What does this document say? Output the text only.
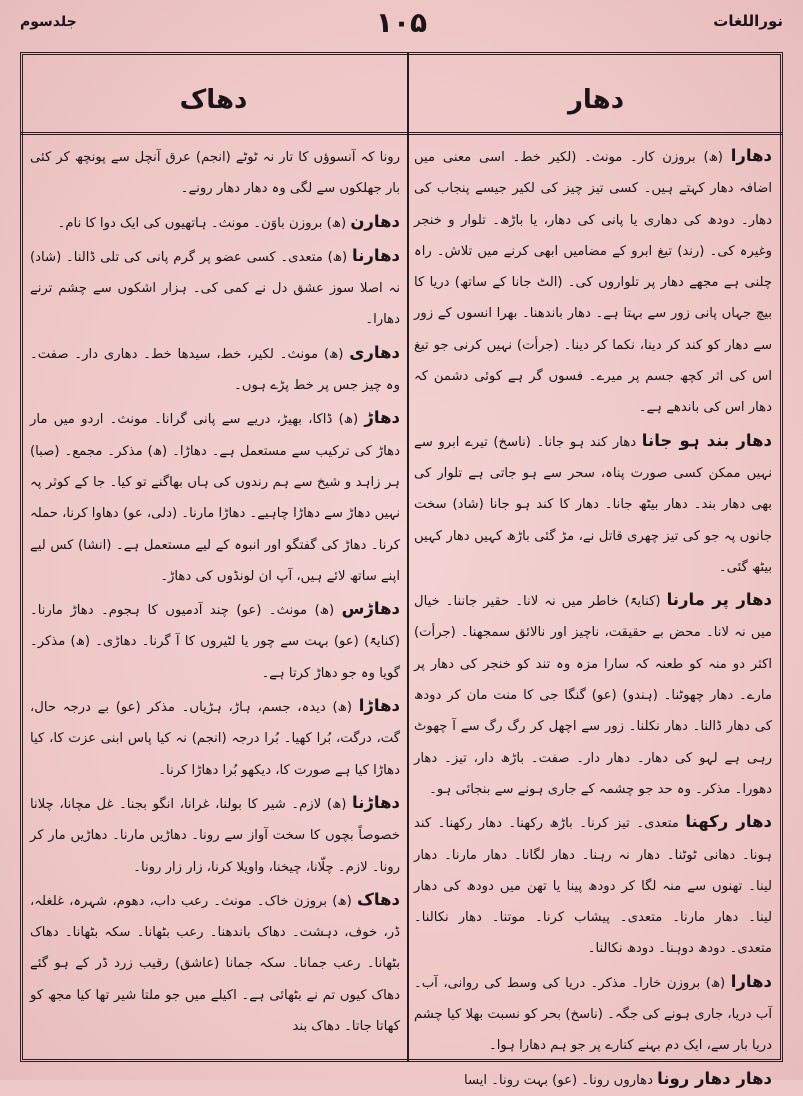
نوراللغات
۱۰۵
جلدسوم
دھار
دھاک

دھارا (ھ) بروزن کار۔ مونث۔ (لکیر خط۔ اسی معنی میں اضافہ دھار کہتے ہیں۔ کسی تیز چیز کی لکیر جیسے پنجاب کی دھار۔ دودھ کی دھاری یا پانی کی دھار، یا باڑھ۔ تلوار و خنجر وغیرہ کی۔ (رند) تیغ ابرو کے مضامیں ابھی کرنے میں تلاش۔ راہ چلنی ہے مجھے دھار پر تلواروں کی۔ (الٹ جانا کے ساتھ) دریا کا بیچ جہاں پانی زور سے بہتا ہے۔ دھار باندھنا۔ بھرا انسوں کے زور سے دھار کو کند کر دینا، نکما کر دینا۔ (جرأت) نہیں کرنی جو تیغ اس کی اثر کچھ جسم پر میرے۔ فسوں گر ہے کوئی دشمن کہ دھار اس کی باندھے ہے۔

دھار بند ہو جانا دھار کند ہو جانا۔ (ناسخ) تیرے ابرو سے نہیں ممکن کسی صورت پناہ، سحر سے ہو جاتی ہے تلوار کی بھی دھار بند۔ دھار بیٹھ جانا۔ دھار کا کند ہو جانا (شاد) سخت جانوں پہ جو کی تیز چھری قاتل نے، مڑ گئی باڑھ کہیں دھار کہیں بیٹھ گئی۔

دھار پر مارنا (کنایۃً) خاطر میں نہ لانا۔ حقیر جاننا۔ خیال میں نہ لانا۔ محض بے حقیقت، ناچیز اور نالائق سمجھنا۔ (جرأت) اکثر دو منہ کو طعنہ کہ سارا مزہ وہ تند کو خنجر کی دھار پر مارے۔ دھار چھوٹنا۔ (ہندو) (عو) گنگا جی کا منت مان کر دودھ کی دھار ڈالنا۔ دھار نکلنا۔ زور سے اچھل کر رگ رگ سے آ چھوٹ رہی ہے لہو کی دھار۔ دھار دار۔ صفت۔ باڑھ دار، تیز۔ دھار دھورا۔ مذکر۔ وہ حد جو چشمہ کے جاری ہونے سے بنجائی ہو۔

دھار رکھنا متعدی۔ تیز کرنا۔ باڑھ رکھنا۔ دھار رکھنا۔ کند ہونا۔ دھانی ٹوٹنا۔ دھار نہ رہنا۔ دھار لگانا۔ دھار مارنا۔ دھار لینا۔ تھنوں سے منہ لگا کر دودھ پینا یا تھن میں دودھ کی دھار لینا۔ دھار مارنا۔ متعدی۔ پیشاب کرنا۔ موتنا۔ دھار نکالنا۔ متعدی۔ دودھ دوہنا۔ دودھ نکالنا۔

دھارا (ھ) بروزن خارا۔ مذکر۔ دریا کی وسط کی روانی، آب۔ آب دریا، جاری ہونے کی جگہ۔ (ناسخ) بحر کو نسبت بھلا کیا چشم دریا بار سے، ایک دم بہنے کنارے پر جو ہم دھارا ہوا۔

دھار دھار رونا دھاروں رونا۔ (عو) بہت رونا۔ ایسا

رونا کہ آنسوؤں کا تار نہ ٹوٹے (انجم) عرق آنچل سے پونچھ کر کئی بار جھلکوں سے لگی وہ دھار دھار رونے۔

دھارن (ھ) بروزن باوَن۔ مونث۔ ہاتھیوں کی ایک دوا کا نام۔

دھارنا (ھ) متعدی۔ کسی عضو پر گرم پانی کی تلی ڈالنا۔ (شاد) نہ اصلا سوز عشق دل نے کمی کی۔ ہزار اشکوں سے چشم ترنے دھارا۔

دھاری (ھ) مونث۔ لکیر، خط، سیدھا خط۔ دھاری دار۔ صفت۔ وہ چیز جس پر خط پڑے ہوں۔

دھاڑ (ھ) ڈاکا، بھیڑ، دریے سے پانی گرانا۔ مونث۔ اردو میں مار دھاڑ کی ترکیب سے مستعمل ہے۔ دھاڑا۔ (ھ) مذکر۔ مجمع۔ (صبا) ہر زاہد و شیخ سے ہم رندوں کی ہاں بھاگنے تو کیا۔ جا کے کوثر پہ نہیں دھاڑ سے دھاڑا چاہیے۔ دھاڑا مارنا۔ (دلی، عو) دھاوا کرنا، حملہ کرنا۔ دھاڑ کی گفتگو اور انبوہ کے لیے مستعمل ہے۔ (انشا) کس لیے اپنے ساتھ لائے ہیں، آپ ان لونڈوں کی دھاڑ۔

دھاڑس (ھ) مونث۔ (عو) چند آدمیوں کا ہجوم۔ دھاڑ مارنا۔ (کنایۃً) (عو) بہت سے چور یا لٹیروں کا آ گرنا۔ دھاڑی۔ (ھ) مذکر۔ گویا وہ جو دھاڑ کرتا ہے۔

دھاڑا (ھ) دیدہ، جسم، ہاڑ، ہڑیاں۔ مذکر (عو) بے درجہ حال، گت، درگت، بُرا کھیا۔ بُرا درجہ (انجم) نہ کیا پاس ابنی عزت کا، کیا دھاڑا کیا ہے صورت کا، دیکھو بُرا دھاڑا کرنا۔

دھاڑنا (ھ) لازم۔ شیر کا بولنا، غرانا، انگو بجنا۔ غل مچانا، چلانا خصوصاً بچوں کا سخت آواز سے رونا۔ دھاڑیں مارنا۔ دھاڑیں مار کر رونا۔ لازم۔ چلّانا، چیخنا، واویلا کرنا، زار زار رونا۔

دھاک (ھ) بروزن خاک۔ مونث۔ رعب داب، دھوم، شہرہ، غلغلہ، ڈر، خوف، دہشت۔ دھاک باندھنا۔ رعب بٹھانا۔ سکہ بٹھانا۔ دھاک بٹھانا۔ رعب جمانا۔ سکہ جمانا (عاشق) رقیب زرد ڈر کے ہو گئے دھاک کیوں تم نے بٹھائی ہے۔ اکیلے میں جو ملتا شیر تھا کیا مجھ کو کھاتا جاتا۔ دھاک بند
